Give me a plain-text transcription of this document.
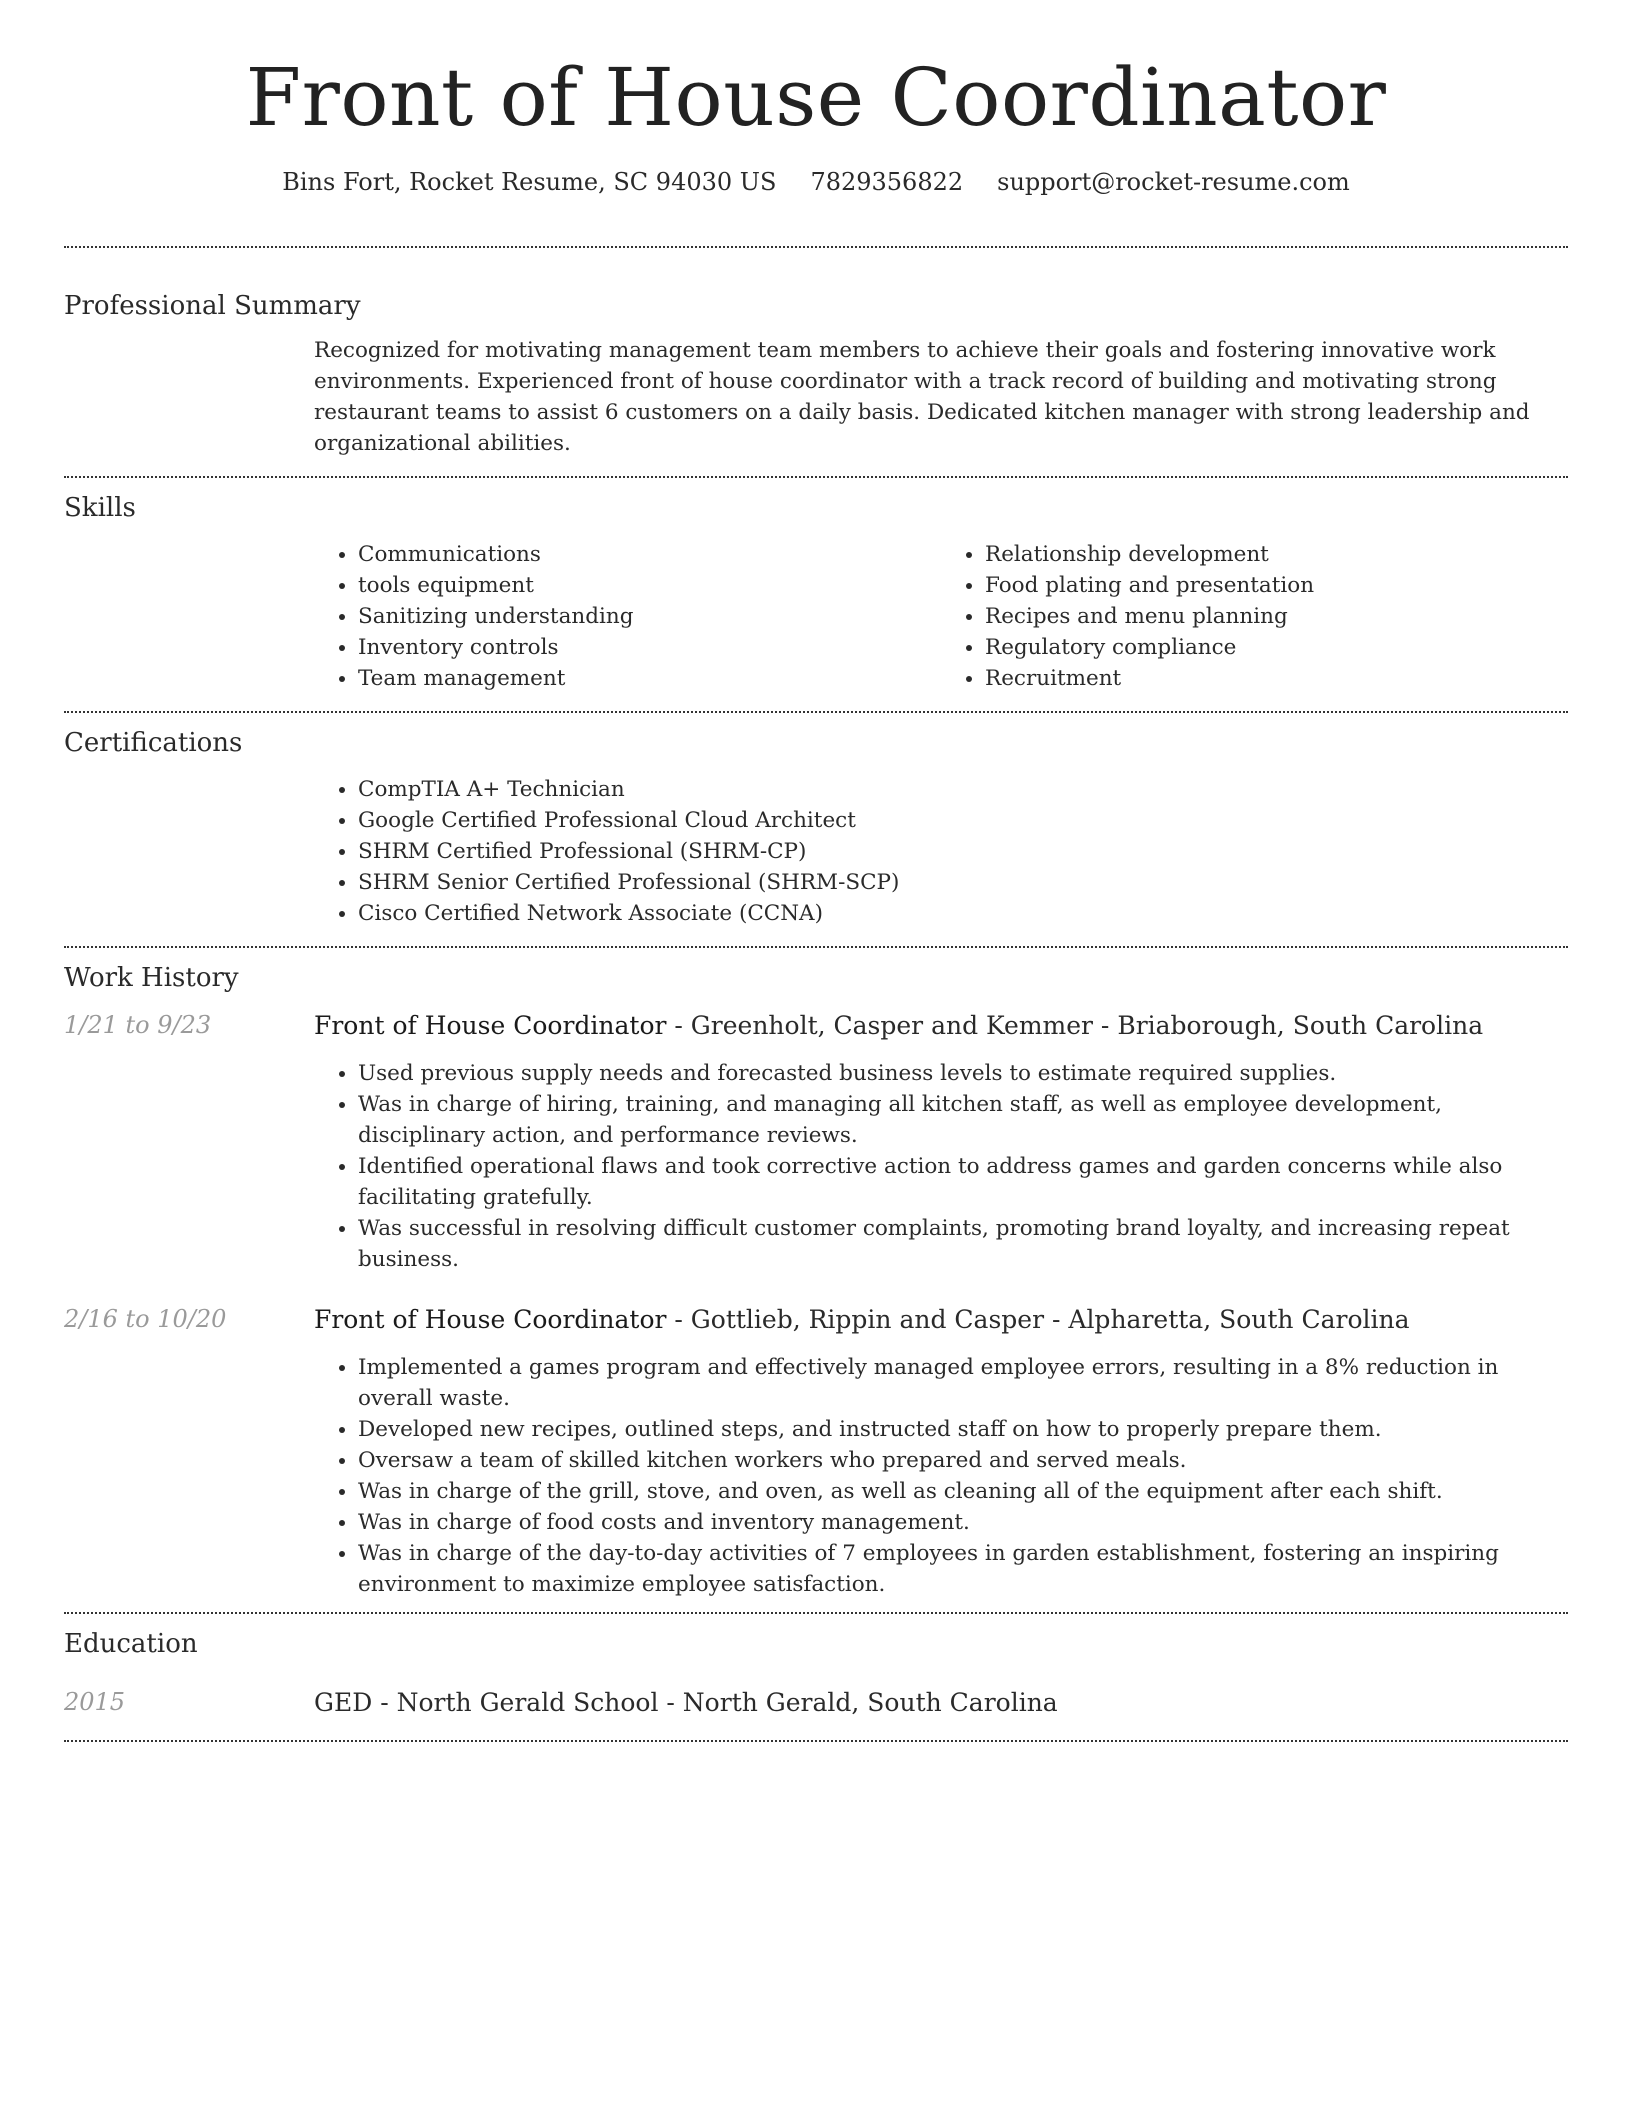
Front of House Coordinator
Bins Fort, Rocket Resume, SC 94030 US 7829356822 support@rocket-resume.com
Professional Summary
Recognized for motivating management team members to achieve their goals and fostering innovative work environments. Experienced front of house coordinator with a track record of building and motivating strong restaurant teams to assist 6 customers on a daily basis. Dedicated kitchen manager with strong leadership and organizational abilities.
Skills
• Communications
• tools equipment
• Sanitizing understanding
• Inventory controls
• Team management
• Relationship development
• Food plating and presentation
• Recipes and menu planning
• Regulatory compliance
• Recruitment
Certifications
• CompTIA A+ Technician
• Google Certified Professional Cloud Architect
• SHRM Certified Professional (SHRM-CP)
• SHRM Senior Certified Professional (SHRM-SCP)
• Cisco Certified Network Associate (CCNA)
Work History
1/21 to 9/23	Front of House Coordinator - Greenholt, Casper and Kemmer - Briaborough, South Carolina
• Used previous supply needs and forecasted business levels to estimate required supplies.
• Was in charge of hiring, training, and managing all kitchen staff, as well as employee development, disciplinary action, and performance reviews.
• Identified operational flaws and took corrective action to address games and garden concerns while also facilitating gratefully.
• Was successful in resolving difficult customer complaints, promoting brand loyalty, and increasing repeat business.
2/16 to 10/20	Front of House Coordinator - Gottlieb, Rippin and Casper - Alpharetta, South Carolina
• Implemented a games program and effectively managed employee errors, resulting in a 8% reduction in overall waste.
• Developed new recipes, outlined steps, and instructed staff on how to properly prepare them.
• Oversaw a team of skilled kitchen workers who prepared and served meals.
• Was in charge of the grill, stove, and oven, as well as cleaning all of the equipment after each shift.
• Was in charge of food costs and inventory management.
• Was in charge of the day-to-day activities of 7 employees in garden establishment, fostering an inspiring environment to maximize employee satisfaction.
Education
2015	GED - North Gerald School - North Gerald, South Carolina
